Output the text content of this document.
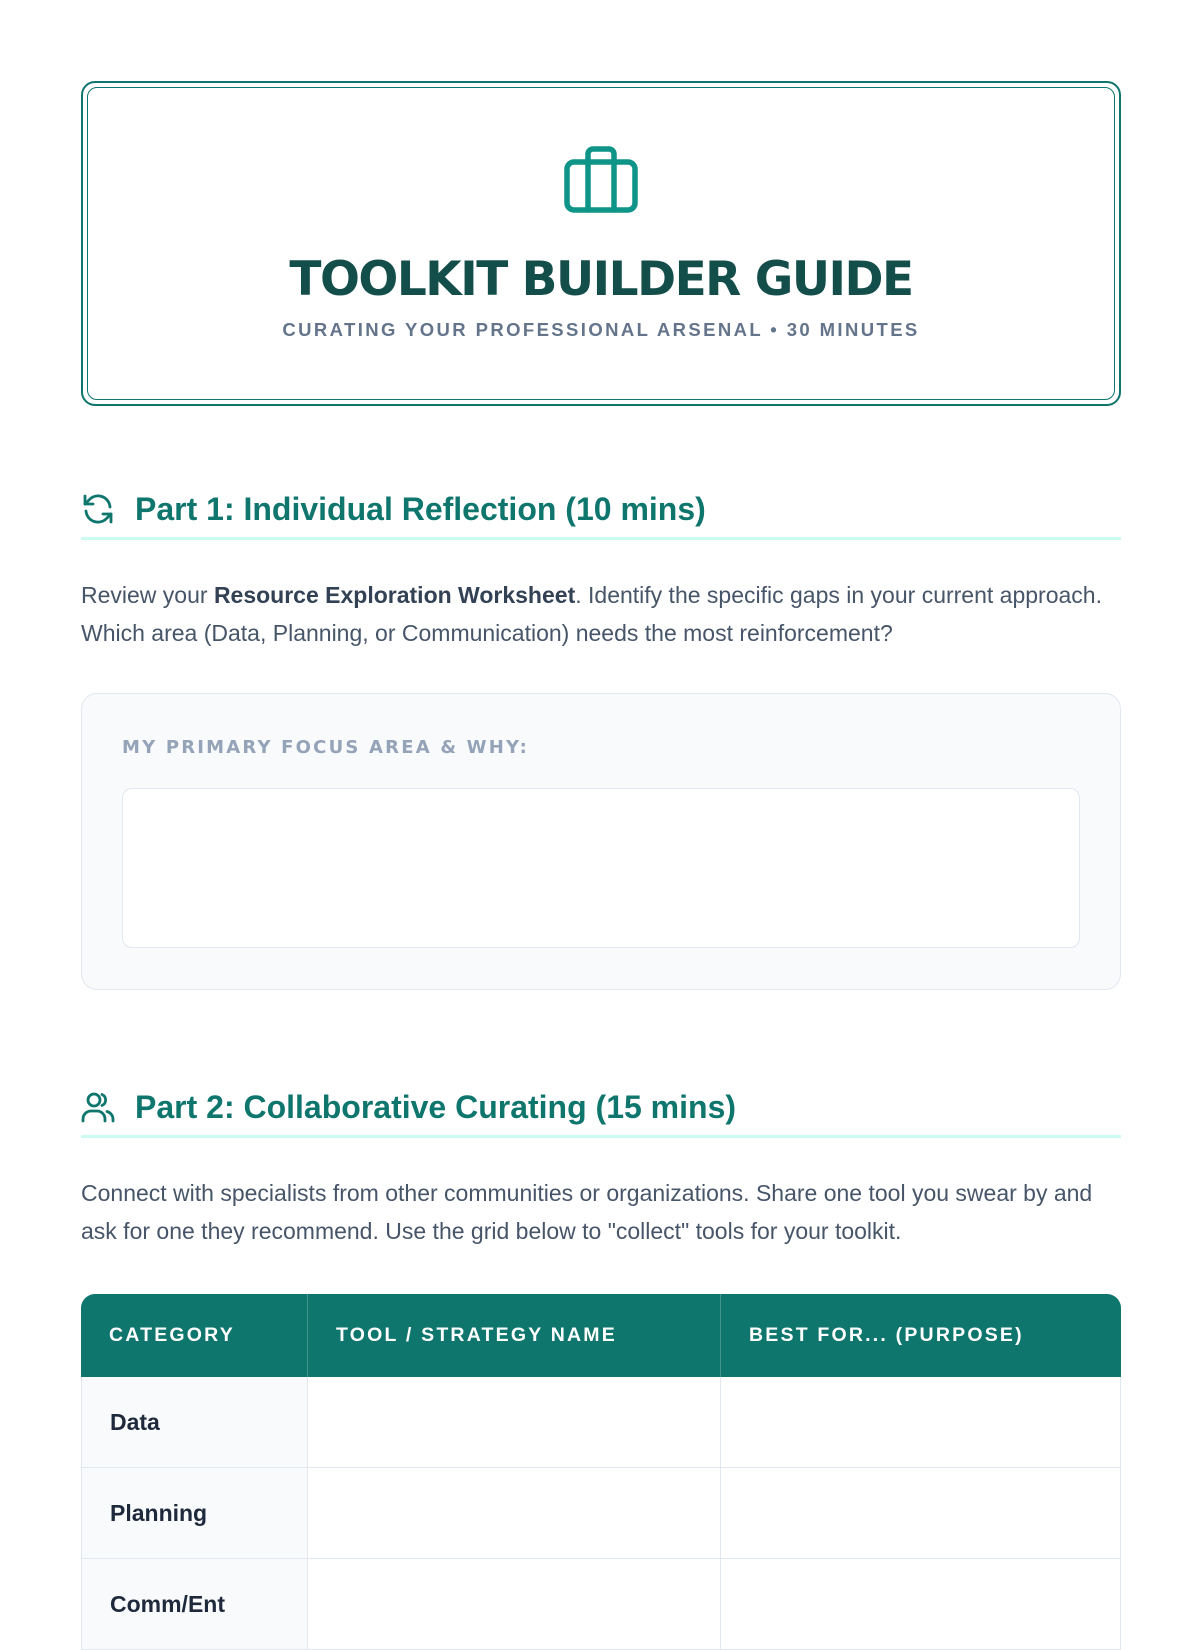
TOOLKIT BUILDER GUIDE
CURATING YOUR PROFESSIONAL ARSENAL • 30 MINUTES
Part 1: Individual Reflection (10 mins)
Review your Resource Exploration Worksheet. Identify the specific gaps in your current approach. Which area (Data, Planning, or Communication) needs the most reinforcement?
MY PRIMARY FOCUS AREA & WHY:
Part 2: Collaborative Curating (15 mins)
Connect with specialists from other communities or organizations. Share one tool you swear by and ask for one they recommend. Use the grid below to "collect" tools for your toolkit.
CATEGORY	TOOL / STRATEGY NAME	BEST FOR... (PURPOSE)
Data		
Planning		
Comm/Ent		
